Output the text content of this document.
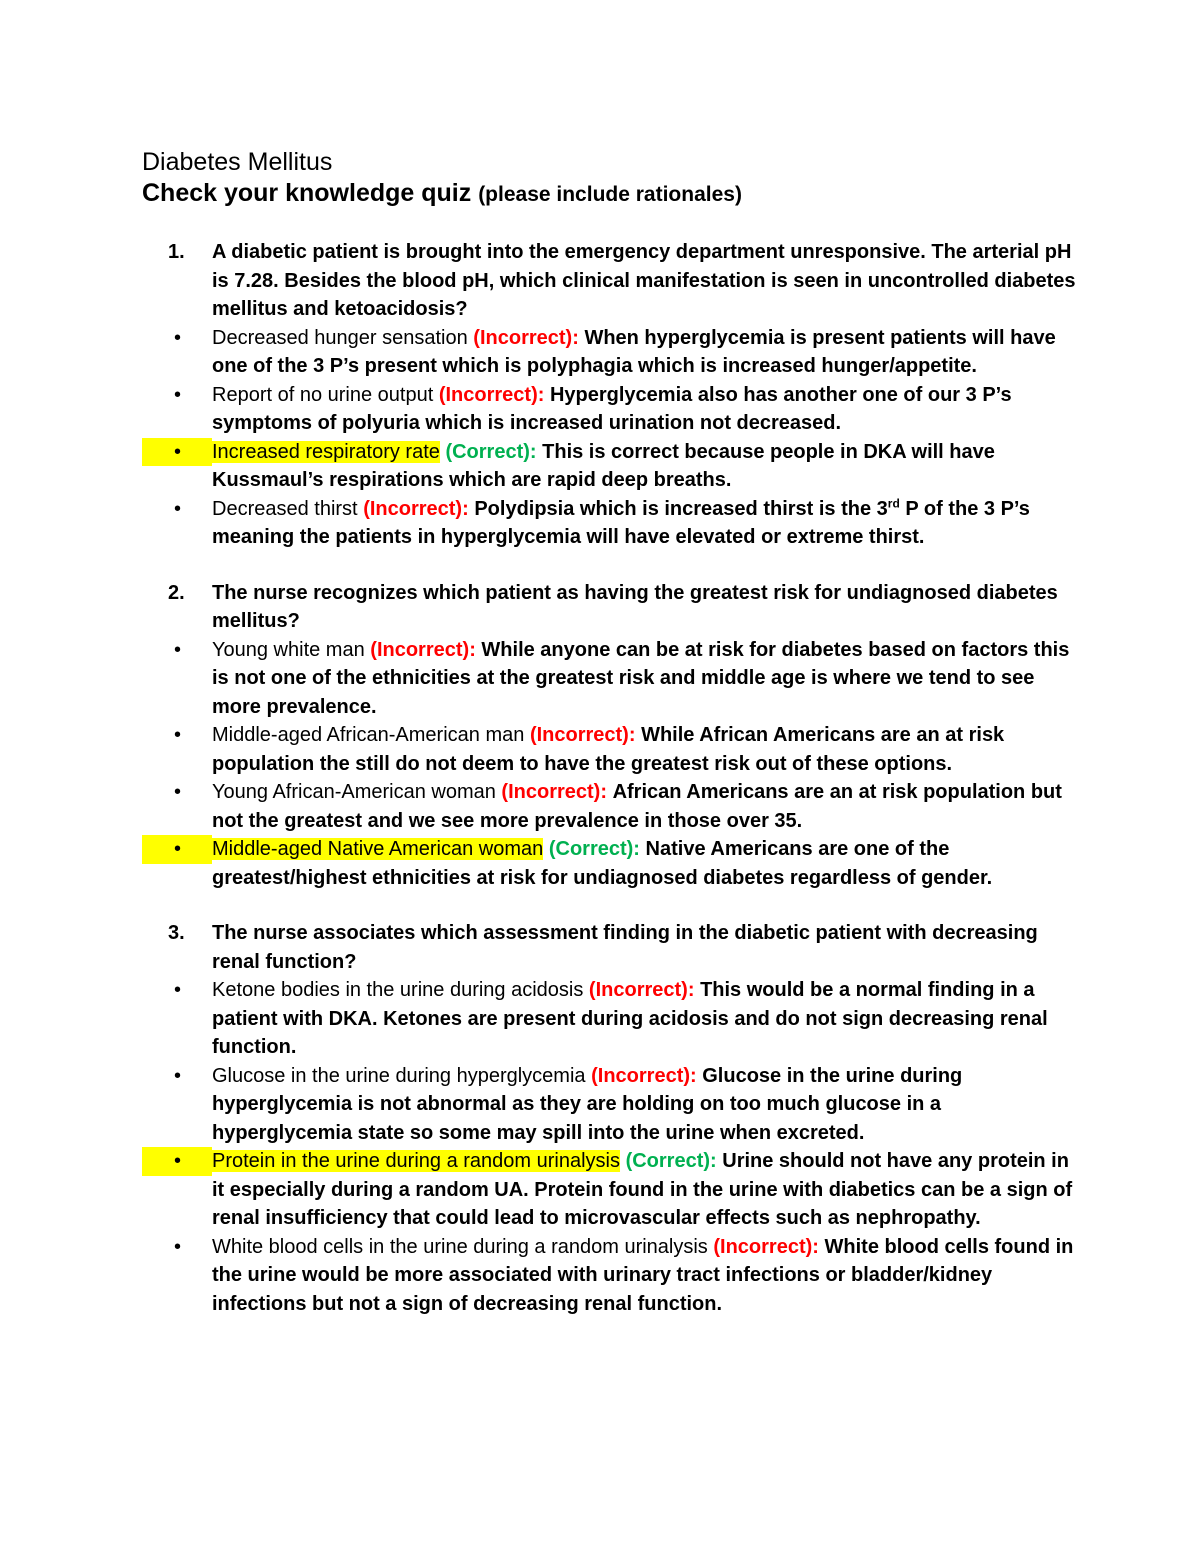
Diabetes Mellitus
Check your knowledge quiz (please include rationales)
1.	A diabetic patient is brought into the emergency department unresponsive. The arterial pH is 7.28. Besides the blood pH, which clinical manifestation is seen in uncontrolled diabetes mellitus and ketoacidosis?
•	Decreased hunger sensation (Incorrect): When hyperglycemia is present patients will have one of the 3 P’s present which is polyphagia which is increased hunger/appetite.
•	Report of no urine output (Incorrect): Hyperglycemia also has another one of our 3 P’s symptoms of polyuria which is increased urination not decreased.
•	Increased respiratory rate (Correct): This is correct because people in DKA will have Kussmaul’s respirations which are rapid deep breaths.
•	Decreased thirst (Incorrect): Polydipsia which is increased thirst is the 3rd P of the 3 P’s meaning the patients in hyperglycemia will have elevated or extreme thirst.
2.	The nurse recognizes which patient as having the greatest risk for undiagnosed diabetes mellitus?
•	Young white man (Incorrect): While anyone can be at risk for diabetes based on factors this is not one of the ethnicities at the greatest risk and middle age is where we tend to see more prevalence.
•	Middle-aged African-American man (Incorrect): While African Americans are an at risk population the still do not deem to have the greatest risk out of these options.
•	Young African-American woman (Incorrect): African Americans are an at risk population but not the greatest and we see more prevalence in those over 35.
•	Middle-aged Native American woman (Correct): Native Americans are one of the greatest/highest ethnicities at risk for undiagnosed diabetes regardless of gender.
3.	The nurse associates which assessment finding in the diabetic patient with decreasing renal function?
•	Ketone bodies in the urine during acidosis (Incorrect): This would be a normal finding in a patient with DKA. Ketones are present during acidosis and do not sign decreasing renal function.
•	Glucose in the urine during hyperglycemia (Incorrect): Glucose in the urine during hyperglycemia is not abnormal as they are holding on too much glucose in a hyperglycemia state so some may spill into the urine when excreted.
•	Protein in the urine during a random urinalysis (Correct): Urine should not have any protein in it especially during a random UA. Protein found in the urine with diabetics can be a sign of renal insufficiency that could lead to microvascular effects such as nephropathy.
•	White blood cells in the urine during a random urinalysis (Incorrect): White blood cells found in the urine would be more associated with urinary tract infections or bladder/kidney infections but not a sign of decreasing renal function.
